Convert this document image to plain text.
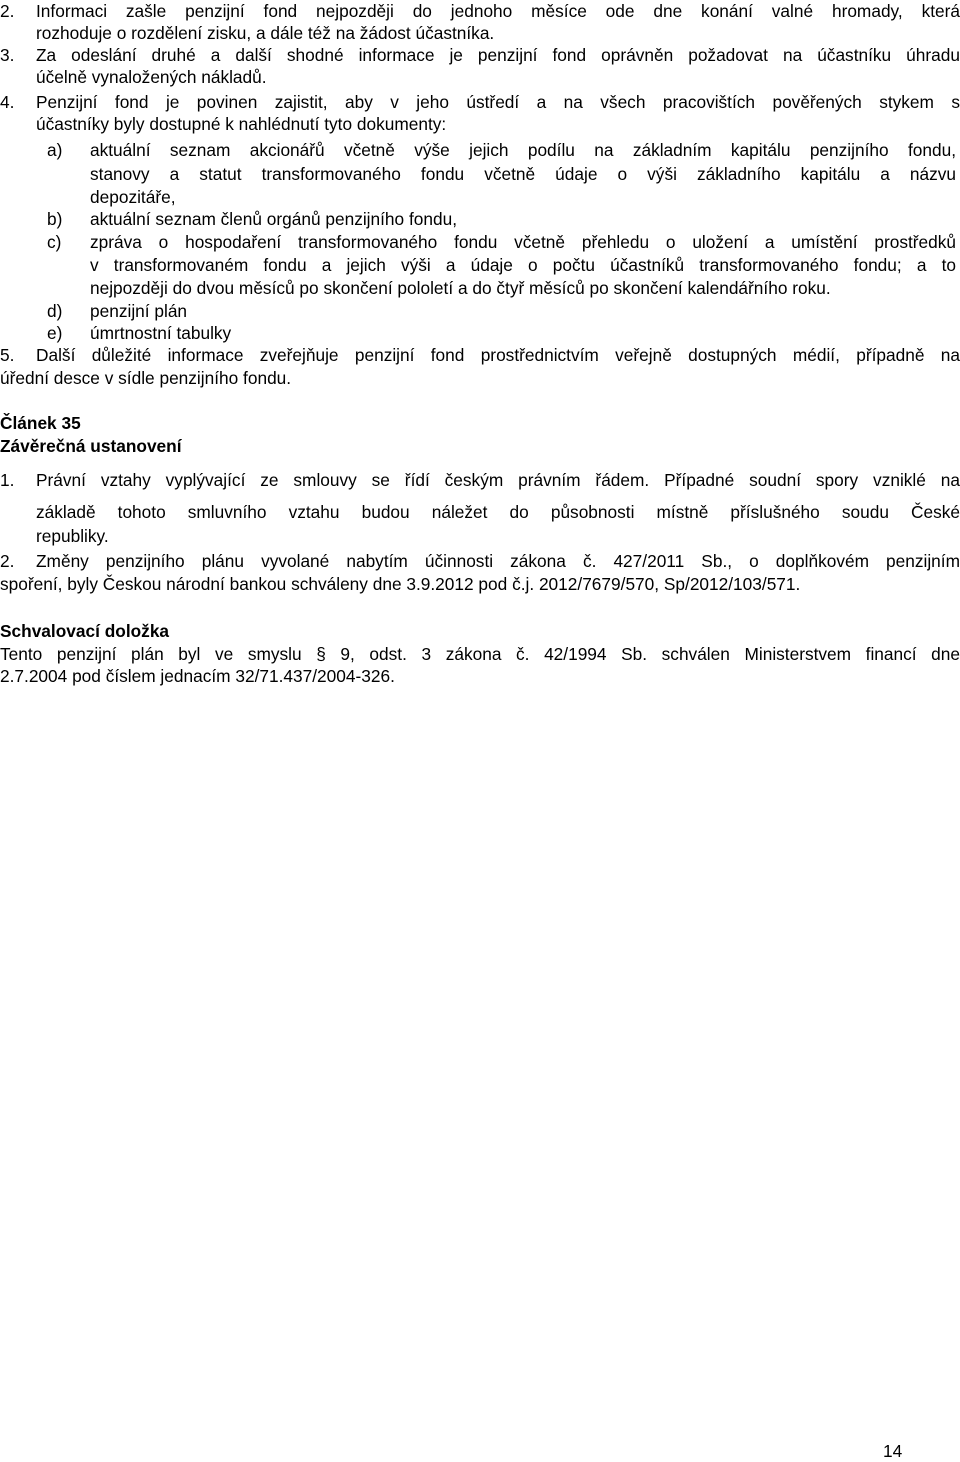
2. Informaci zašle penzijní fond nejpozději do jednoho měsíce ode dne konání valné hromady, která
rozhoduje o rozdělení zisku, a dále též na žádost účastníka.
3. Za odeslání druhé a další shodné informace je penzijní fond oprávněn požadovat na účastníku úhradu
účelně vynaložených nákladů.
4. Penzijní fond je povinen zajistit, aby v jeho ústředí a na všech pracovištích pověřených stykem s
účastníky byly dostupné k nahlédnutí tyto dokumenty:
a) aktuální seznam akcionářů včetně výše jejich podílu na základním kapitálu penzijního fondu,
stanovy a statut transformovaného fondu včetně údaje o výši základního kapitálu a názvu
depozitáře,
b) aktuální seznam členů orgánů penzijního fondu,
c) zpráva o hospodaření transformovaného fondu včetně přehledu o uložení a umístění prostředků
v transformovaném fondu a jejich výši a údaje o počtu účastníků transformovaného fondu; a to
nejpozději do dvou měsíců po skončení pololetí a do čtyř měsíců po skončení kalendářního roku.
d) penzijní plán
e) úmrtnostní tabulky
5. Další důležité informace zveřejňuje penzijní fond prostřednictvím veřejně dostupných médií, případně na
úřední desce v sídle penzijního fondu.
Článek 35
Závěrečná ustanovení
1. Právní vztahy vyplývající ze smlouvy se řídí českým právním řádem. Případné soudní spory vzniklé na
základě tohoto smluvního vztahu budou náležet do působnosti místně příslušného soudu České
republiky.
2. Změny penzijního plánu vyvolané nabytím účinnosti zákona č. 427/2011 Sb., o doplňkovém penzijním
spoření, byly Českou národní bankou schváleny dne 3.9.2012 pod č.j. 2012/7679/570, Sp/2012/103/571.
Schvalovací doložka
Tento penzijní plán byl ve smyslu § 9, odst. 3 zákona č. 42/1994 Sb. schválen Ministerstvem financí dne
2.7.2004 pod číslem jednacím 32/71.437/2004-326.
14
